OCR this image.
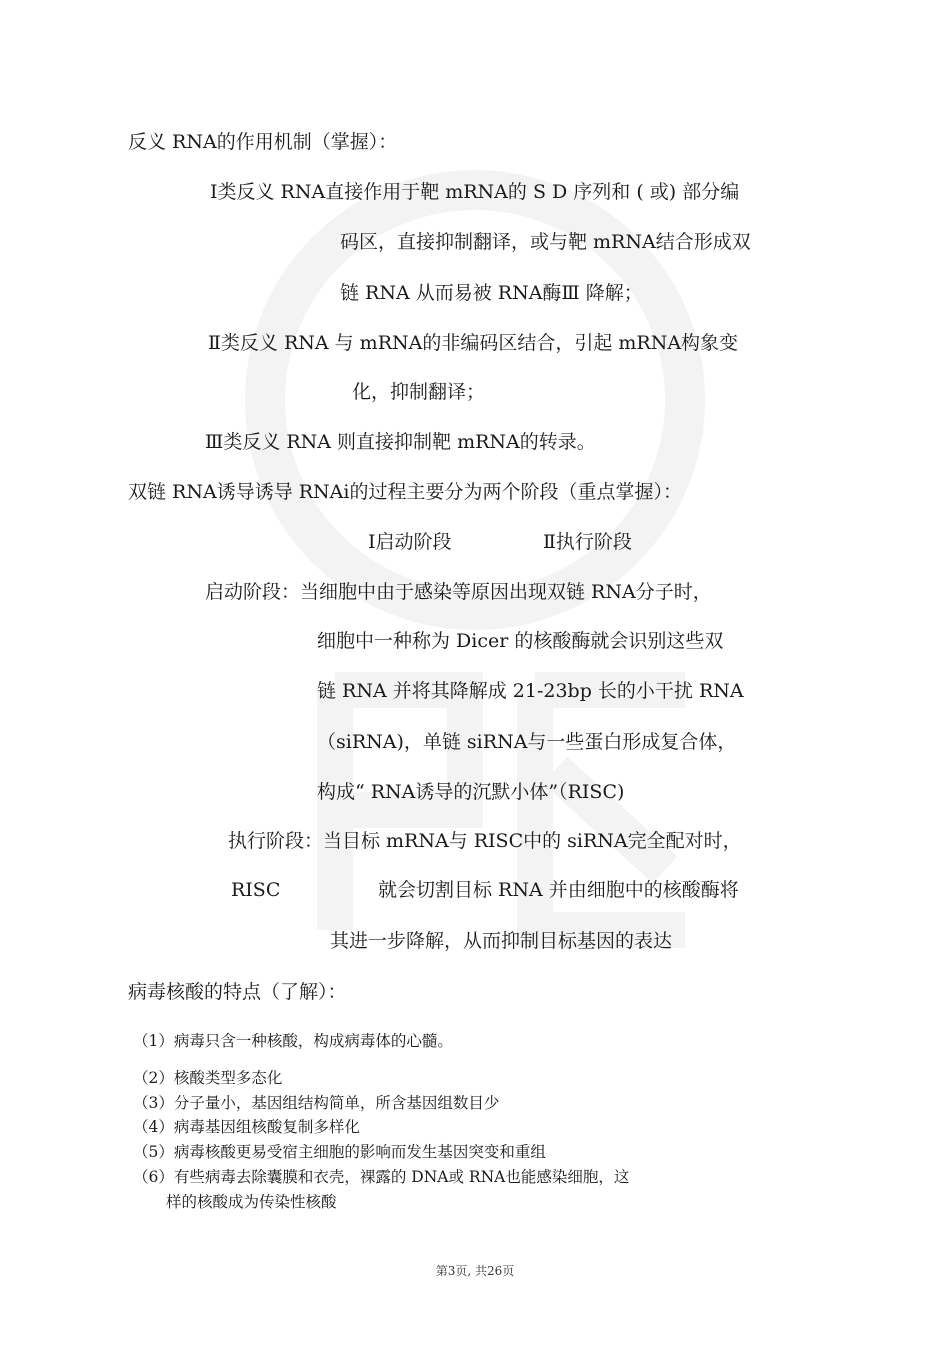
反义 RNA的作用机制（掌握）：
Ⅰ类反义 RNA直接作用于靶 mRNA的 S D 序列和 ( 或) 部分编
码区，直接抑制翻译，或与靶 mRNA结合形成双
链 RNA 从而易被 RNA酶Ⅲ 降解；
Ⅱ类反义 RNA 与 mRNA的非编码区结合，引起 mRNA构象变
化，抑制翻译；
Ⅲ类反义 RNA 则直接抑制靶 mRNA的转录。
双链 RNA诱导诱导 RNAi的过程主要分为两个阶段（重点掌握）：
Ⅰ启动阶段	Ⅱ执行阶段
启动阶段：当细胞中由于感染等原因出现双链 RNA分子时，
细胞中一种称为 Dicer 的核酸酶就会识别这些双
链 RNA 并将其降解成 21-23bp 长的小干扰 RNA
（siRNA)，单链 siRNA与一些蛋白形成复合体，
构成“ RNA诱导的沉默小体”（RISC)
执行阶段：当目标 mRNA与 RISC中的 siRNA完全配对时，
RISC	就会切割目标 RNA 并由细胞中的核酸酶将
其进一步降解，从而抑制目标基因的表达
病毒核酸的特点（了解）：
（1）病毒只含一种核酸，构成病毒体的心髓。
（2）核酸类型多态化
（3）分子量小，基因组结构简单，所含基因组数目少
（4）病毒基因组核酸复制多样化
（5）病毒核酸更易受宿主细胞的影响而发生基因突变和重组
（6）有些病毒去除囊膜和衣壳，裸露的 DNA或 RNA也能感染细胞，这
样的核酸成为传染性核酸
第3页, 共26页
